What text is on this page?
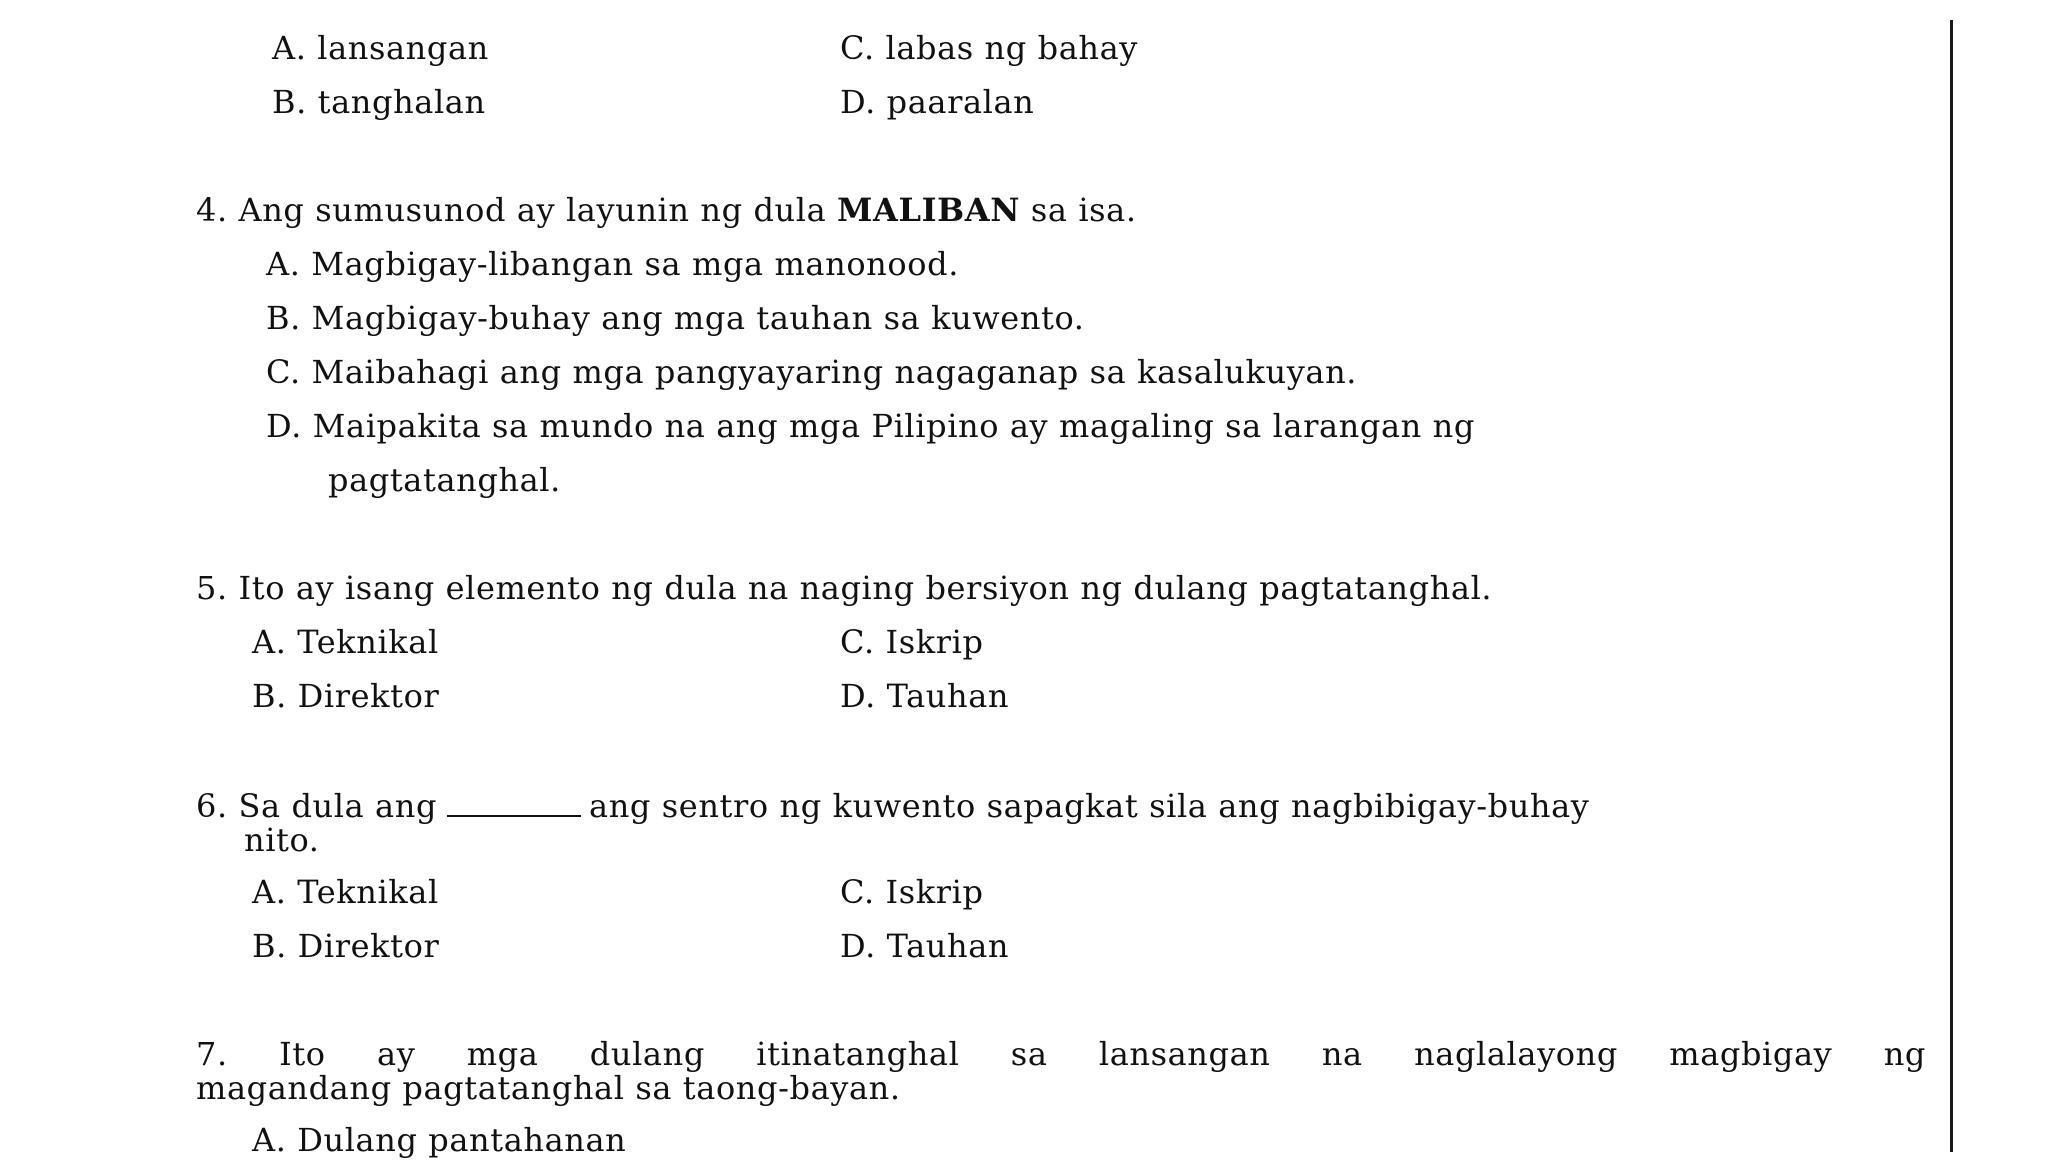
A. lansangan	C. labas ng bahay
B. tanghalan	D. paaralan
4. Ang sumusunod ay layunin ng dula MALIBAN sa isa.
A. Magbigay-libangan sa mga manonood.
B. Magbigay-buhay ang mga tauhan sa kuwento.
C. Maibahagi ang mga pangyayaring nagaganap sa kasalukuyan.
D. Maipakita sa mundo na ang mga Pilipino ay magaling sa larangan ng
pagtatanghal.
5. Ito ay isang elemento ng dula na naging bersiyon ng dulang pagtatanghal.
A. Teknikal	C. Iskrip
B. Direktor	D. Tauhan
6. Sa dula ang	ang sentro ng kuwento sapagkat sila ang nagbibigay-buhay
nito.
A. Teknikal	C. Iskrip
B. Direktor	D. Tauhan
7. Ito ay mga dulang itinatanghal sa lansangan na naglalayong magbigay ng
magandang pagtatanghal sa taong-bayan.
A. Dulang pantahanan
